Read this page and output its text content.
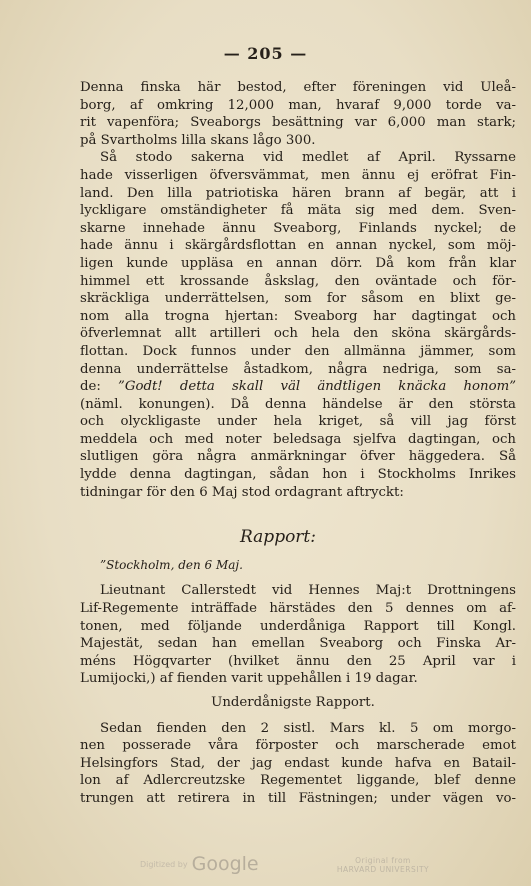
— 205 —
Denna finska här bestod, efter föreningen vid Uleå-
borg, af omkring 12,000 man, hvaraf 9,000 torde va-
rit vapenföra; Sveaborgs besättning var 6,000 man stark;
på Svartholms lilla skans lågo 300.
Så stodo sakerna vid medlet af April. Ryssarne
hade visserligen öfversvämmat, men ännu ej eröfrat Fin-
land. Den lilla patriotiska hären brann af begär, att i
lyckligare omständigheter få mäta sig med dem. Sven-
skarne innehade ännu Sveaborg, Finlands nyckel; de
hade ännu i skärgårdsflottan en annan nyckel, som möj-
ligen kunde uppläsa en annan dörr. Då kom från klar
himmel ett krossande åskslag, den oväntade och för-
skräckliga underrättelsen, som for såsom en blixt ge-
nom alla trogna hjertan: Sveaborg har dagtingat och
öfverlemnat allt artilleri och hela den sköna skärgårds-
flottan. Dock funnos under den allmänna jämmer, som
denna underrättelse åstadkom, några nedriga, som sa-
de: ”Godt! detta skall väl ändtligen knäcka honom”
(näml. konungen). Då denna händelse är den största
och olyckligaste under hela kriget, så vill jag först
meddela och med noter beledsaga sjelfva dagtingan, och
slutligen göra några anmärkningar öfver häggedera. Så
lydde denna dagtingan, sådan hon i Stockholms Inrikes
tidningar för den 6 Maj stod ordagrant aftryckt:
Rapport:
”Stockholm, den 6 Maj.
Lieutnant Callerstedt vid Hennes Maj:t Drottningens
Lif-Regemente inträffade härstädes den 5 dennes om af-
tonen, med följande underdåniga Rapport till Kongl.
Majestät, sedan han emellan Sveaborg och Finska Ar-
méns Högqvarter (hvilket ännu den 25 April var i
Lumijocki,) af fienden varit uppehållen i 19 dagar.
Underdånigste Rapport.
Sedan fienden den 2 sistl. Mars kl. 5 om morgo-
nen posserade våra förposter och marscherade emot
Helsingfors Stad, der jag endast kunde hafva en Batail-
lon af Adlercreutzske Regementet liggande, blef denne
trungen att retirera in till Fästningen; under vägen vo-
Digitized by Google	Original from
HARVARD UNIVERSITY
